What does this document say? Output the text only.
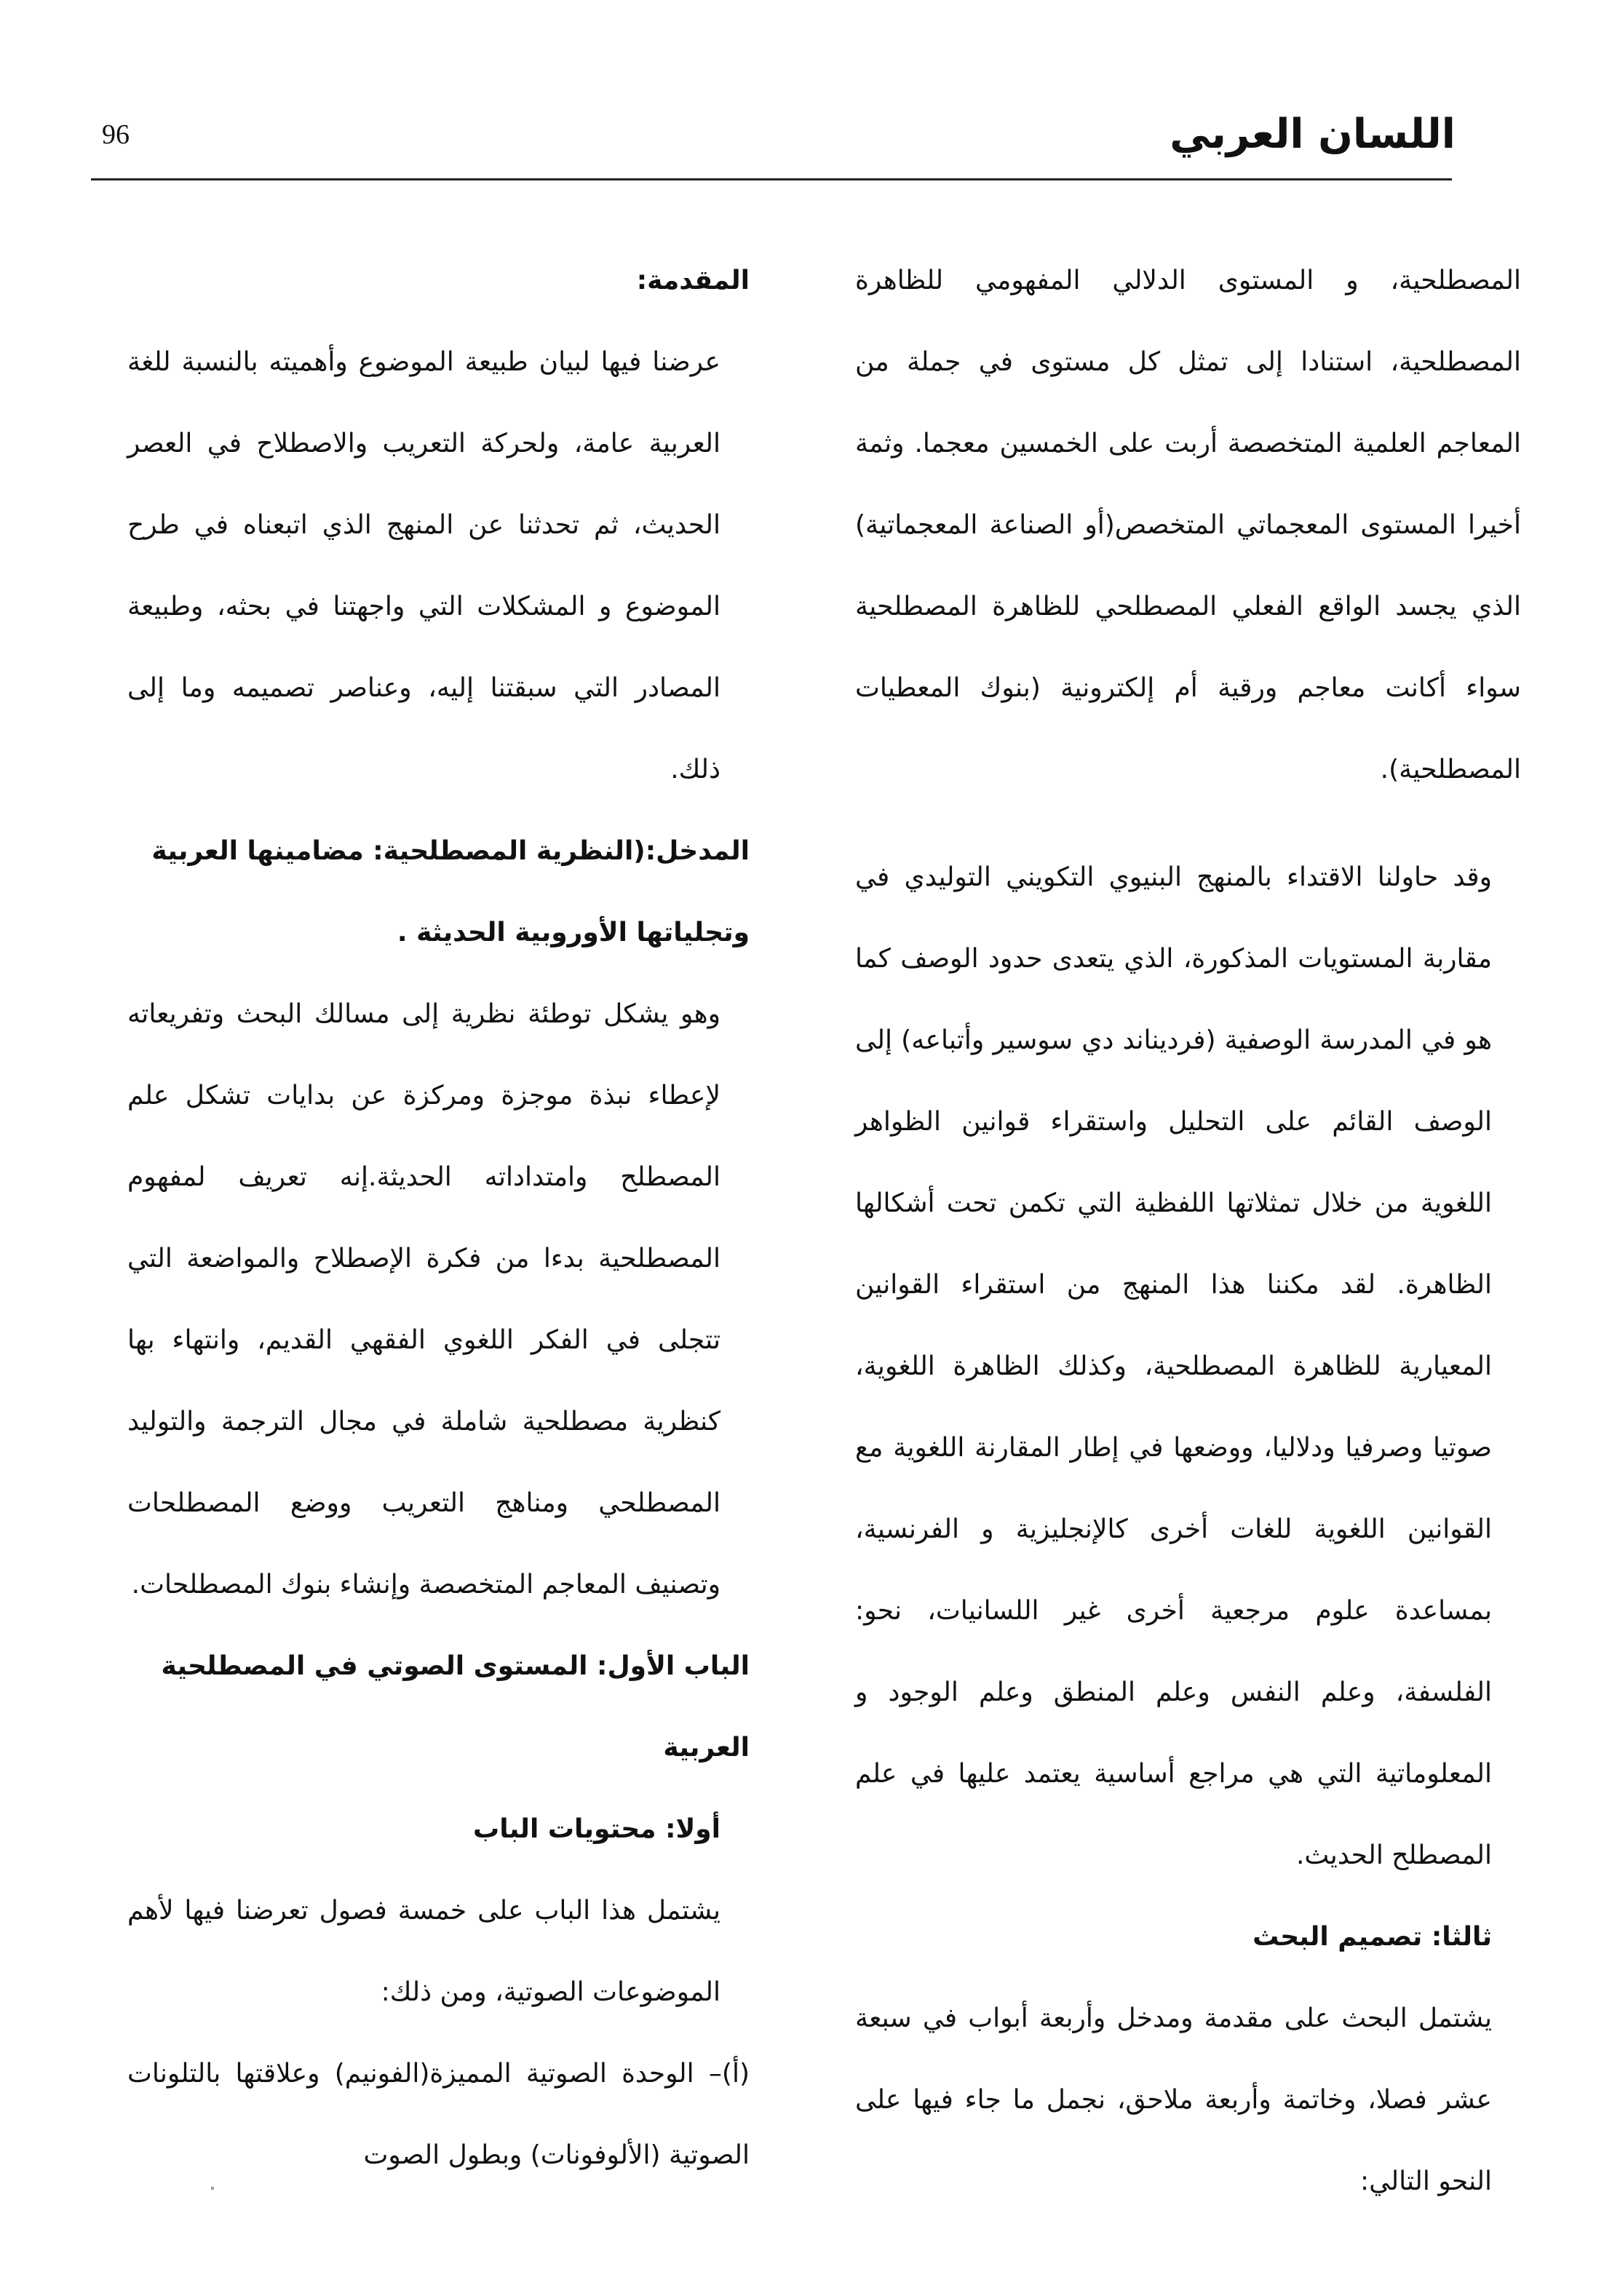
اللسان العربي
96

المصطلحية، و المستوى الدلالي المفهومي للظاهرة المصطلحية، استنادا إلى تمثل كل مستوى في جملة من المعاجم العلمية المتخصصة أربت على الخمسين معجما. وثمة أخيرا المستوى المعجماتي المتخصص(أو الصناعة المعجماتية) الذي يجسد الواقع الفعلي المصطلحي للظاهرة المصطلحية سواء أكانت معاجم ورقية أم إلكترونية (بنوك المعطيات المصطلحية).

وقد حاولنا الاقتداء بالمنهج البنيوي التكويني التوليدي في مقاربة المستويات المذكورة، الذي يتعدى حدود الوصف كما هو في المدرسة الوصفية (فرديناند دي سوسير وأتباعه) إلى الوصف القائم على التحليل واستقراء قوانين الظواهر اللغوية من خلال تمثلاتها اللفظية التي تكمن تحت أشكالها الظاهرة. لقد مكننا هذا المنهج من استقراء القوانين المعيارية للظاهرة المصطلحية، وكذلك الظاهرة اللغوية، صوتيا وصرفيا ودلاليا، ووضعها في إطار المقارنة اللغوية مع القوانين اللغوية للغات أخرى كالإنجليزية و الفرنسية، بمساعدة علوم مرجعية أخرى غير اللسانيات، نحو: الفلسفة، وعلم النفس وعلم المنطق وعلم الوجود و المعلوماتية التي هي مراجع أساسية يعتمد عليها في علم المصطلح الحديث.

ثالثا: تصميم البحث

يشتمل البحث على مقدمة ومدخل وأربعة أبواب في سبعة عشر فصلا، وخاتمة وأربعة ملاحق، نجمل ما جاء فيها على النحو التالي:

المقدمة:

عرضنا فيها لبيان طبيعة الموضوع وأهميته بالنسبة للغة العربية عامة، ولحركة التعريب والاصطلاح في العصر الحديث، ثم تحدثنا عن المنهج الذي اتبعناه في طرح الموضوع و المشكلات التي واجهتنا في بحثه، وطبيعة المصادر التي سبقتنا إليه، وعناصر تصميمه وما إلى ذلك.

المدخل:(النظرية المصطلحية: مضامينها العربية وتجلياتها الأوروبية الحديثة .

وهو يشكل توطئة نظرية إلى مسالك البحث وتفريعاته لإعطاء نبذة موجزة ومركزة عن بدايات تشكل علم المصطلح وامتداداته الحديثة.إنه تعريف لمفهوم المصطلحية بدءا من فكرة الإصطلاح والمواضعة التي تتجلى في الفكر اللغوي الفقهي القديم، وانتهاء بها كنظرية مصطلحية شاملة في مجال الترجمة والتوليد المصطلحي ومناهج التعريب ووضع المصطلحات وتصنيف المعاجم المتخصصة وإنشاء بنوك المصطلحات.

الباب الأول: المستوى الصوتي في المصطلحية العربية

أولا: محتويات الباب

يشتمل هذا الباب على خمسة فصول تعرضنا فيها لأهم الموضوعات الصوتية، ومن ذلك:

(أ)– الوحدة الصوتية المميزة(الفونيم) وعلاقتها بالتلونات الصوتية (الألوفونات) وبطول الصوت
